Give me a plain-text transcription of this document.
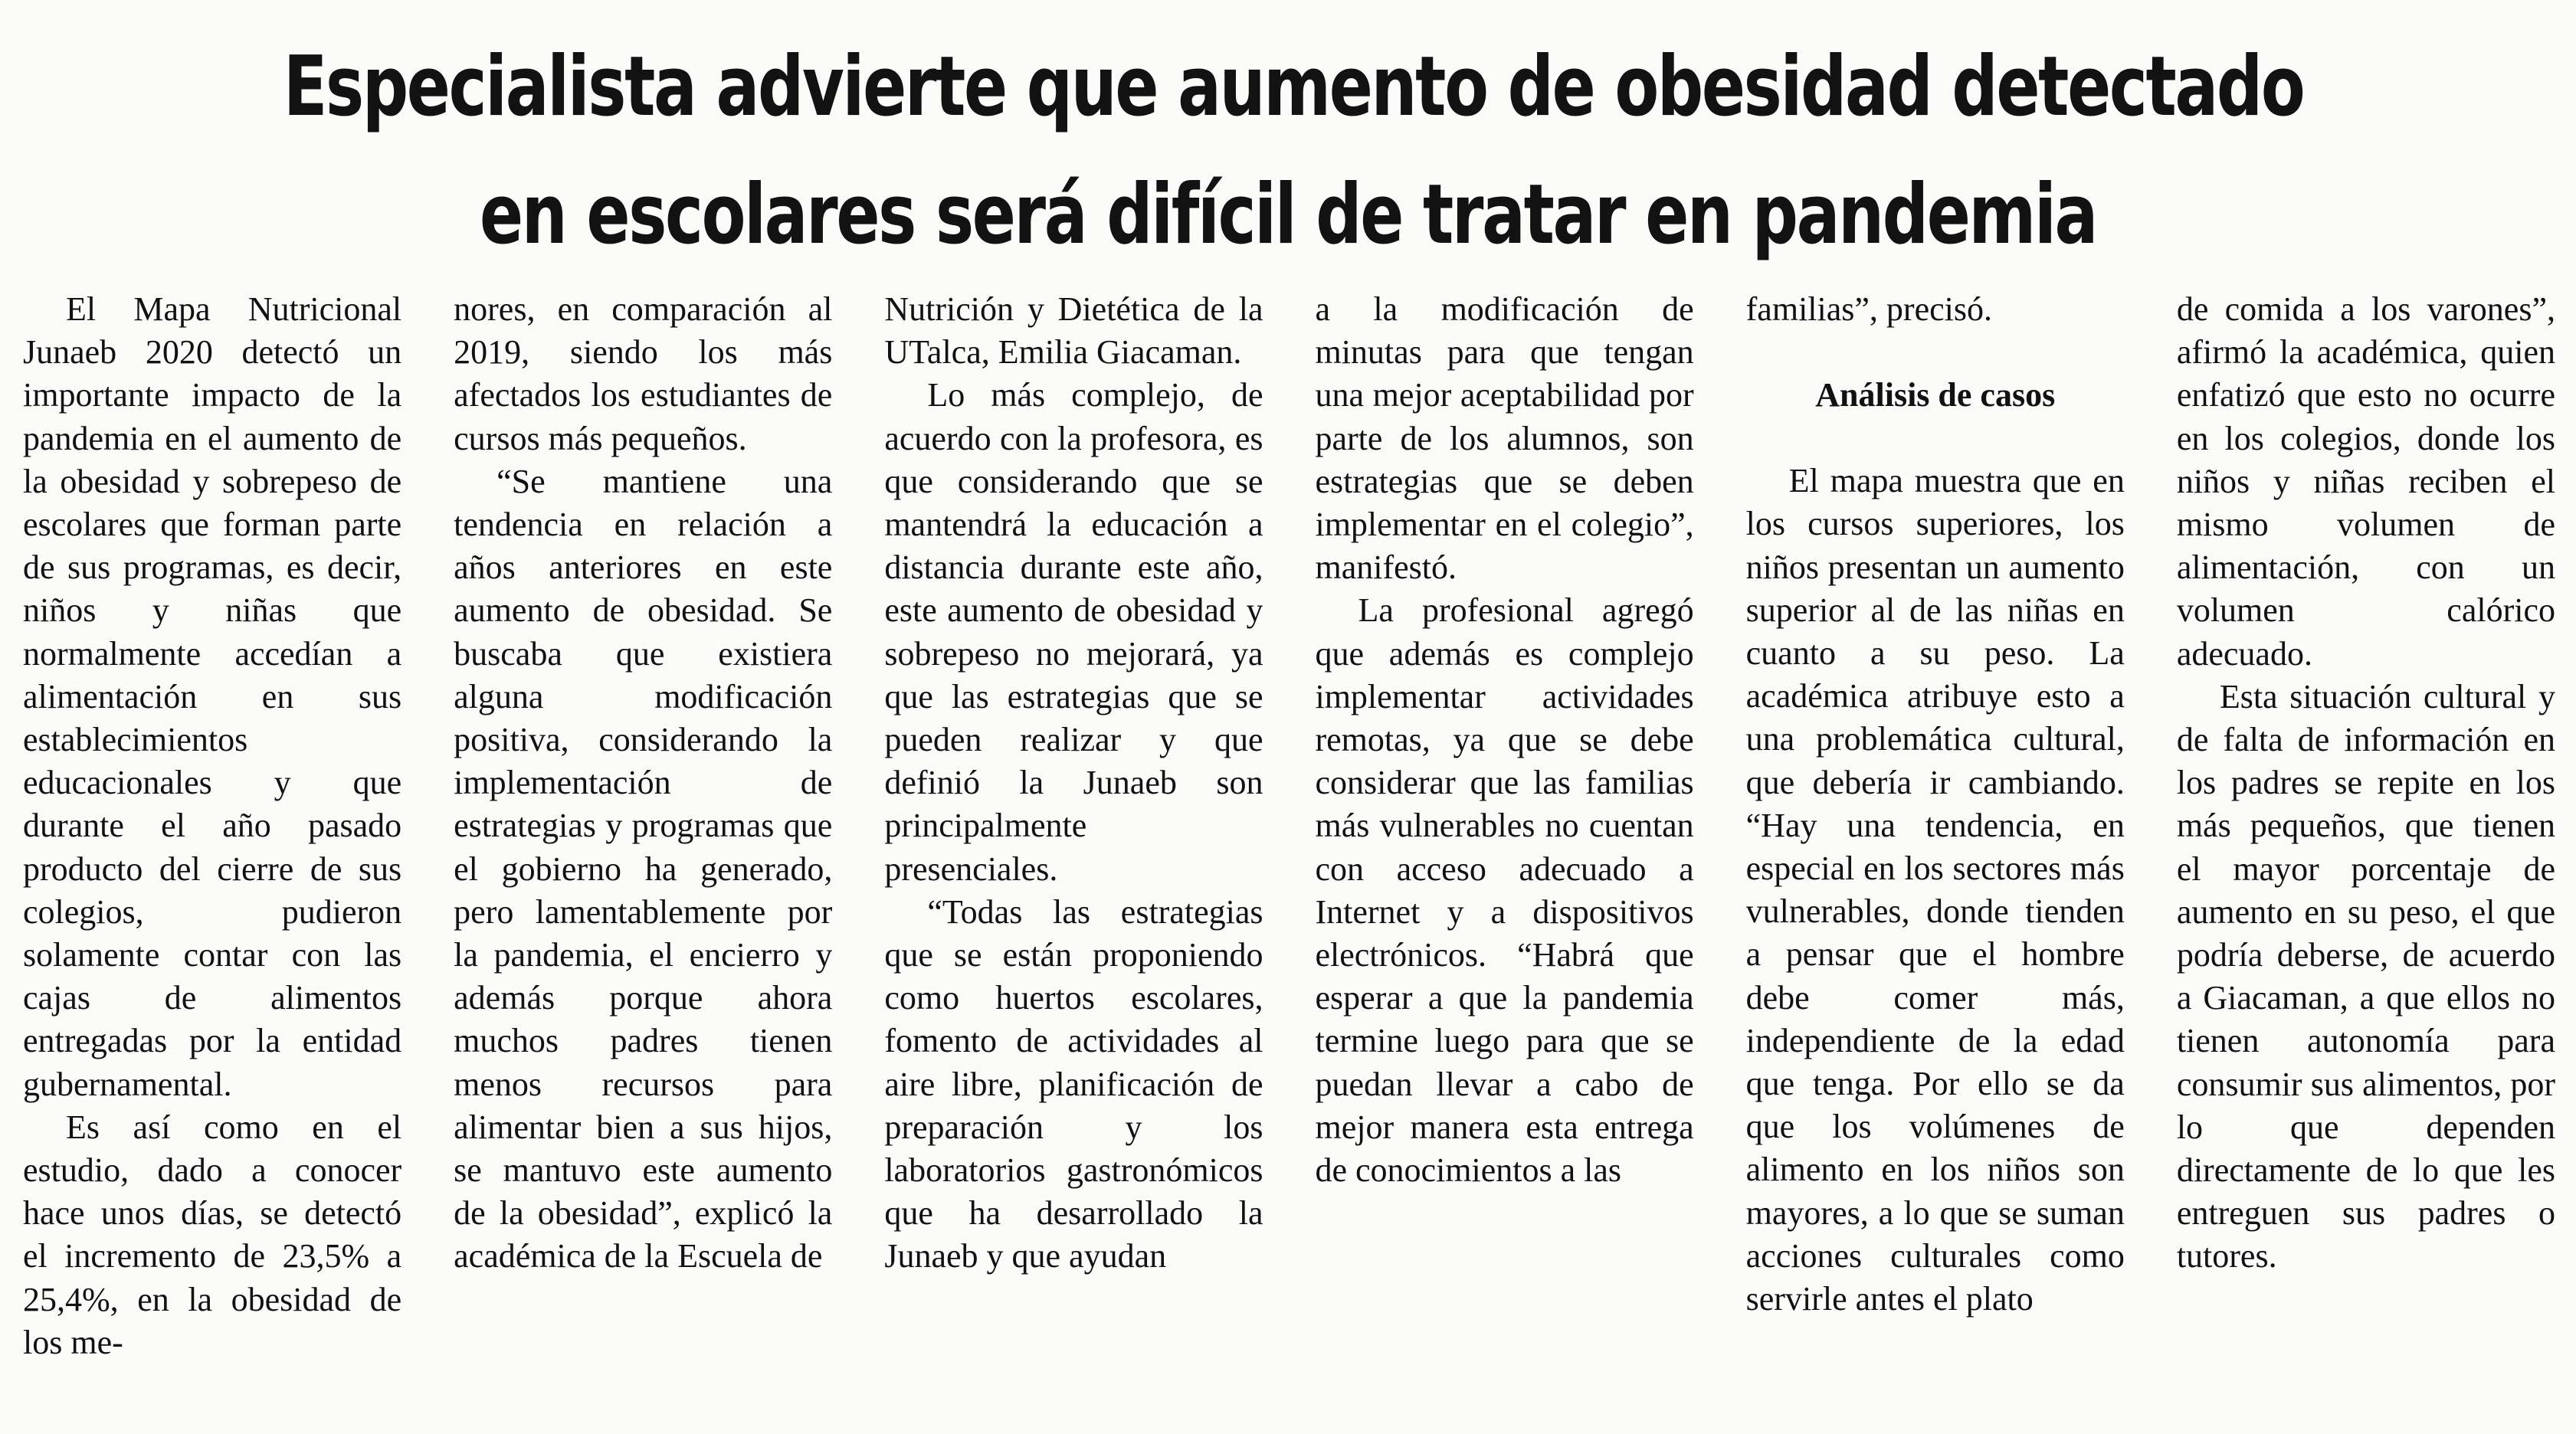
Especialista advierte que aumento de obesidad detectado
en escolares será difícil de tratar en pandemia

El Mapa Nutricional Junaeb 2020 detectó un importante impacto de la pandemia en el aumento de la obesidad y sobrepeso de escolares que forman parte de sus programas, es decir, niños y niñas que normalmente accedían a alimentación en sus establecimientos educacionales y que durante el año pasado producto del cierre de sus colegios, pudieron solamente contar con las cajas de alimentos entregadas por la entidad gubernamental.

Es así como en el estudio, dado a conocer hace unos días, se detectó el incremento de 23,5% a 25,4%, en la obesidad de los me-

nores, en comparación al 2019, siendo los más afectados los estudiantes de cursos más pequeños.

“Se mantiene una tendencia en relación a años anteriores en este aumento de obesidad. Se buscaba que existiera alguna modificación positiva, considerando la implementación de estrategias y programas que el gobierno ha generado, pero lamentablemente por la pandemia, el encierro y además porque ahora muchos padres tienen menos recursos para alimentar bien a sus hijos, se mantuvo este aumento de la obesidad”, explicó la académica de la Escuela de

Nutrición y Dietética de la UTalca, Emilia Giacaman.

Lo más complejo, de acuerdo con la profesora, es que considerando que se mantendrá la educación a distancia durante este año, este aumento de obesidad y sobrepeso no mejorará, ya que las estrategias que se pueden realizar y que definió la Junaeb son principalmente presenciales.

“Todas las estrategias que se están proponiendo como huertos escolares, fomento de actividades al aire libre, planificación de preparación y los laboratorios gastronómicos que ha desarrollado la Junaeb y que ayudan

a la modificación de minutas para que tengan una mejor aceptabilidad por parte de los alumnos, son estrategias que se deben implementar en el colegio”, manifestó.

La profesional agregó que además es complejo implementar actividades remotas, ya que se debe considerar que las familias más vulnerables no cuentan con acceso adecuado a Internet y a dispositivos electrónicos. “Habrá que esperar a que la pandemia termine luego para que se puedan llevar a cabo de mejor manera esta entrega de conocimientos a las

familias”, precisó.

Análisis de casos

El mapa muestra que en los cursos superiores, los niños presentan un aumento superior al de las niñas en cuanto a su peso. La académica atribuye esto a una problemática cultural, que debería ir cambiando. “Hay una tendencia, en especial en los sectores más vulnerables, donde tienden a pensar que el hombre debe comer más, independiente de la edad que tenga. Por ello se da que los volúmenes de alimento en los niños son mayores, a lo que se suman acciones culturales como servirle antes el plato

de comida a los varones”, afirmó la académica, quien enfatizó que esto no ocurre en los colegios, donde los niños y niñas reciben el mismo volumen de alimentación, con un volumen calórico adecuado.

Esta situación cultural y de falta de información en los padres se repite en los más pequeños, que tienen el mayor porcentaje de aumento en su peso, el que podría deberse, de acuerdo a Giacaman, a que ellos no tienen autonomía para consumir sus alimentos, por lo que dependen directamente de lo que les entreguen sus padres o tutores.
